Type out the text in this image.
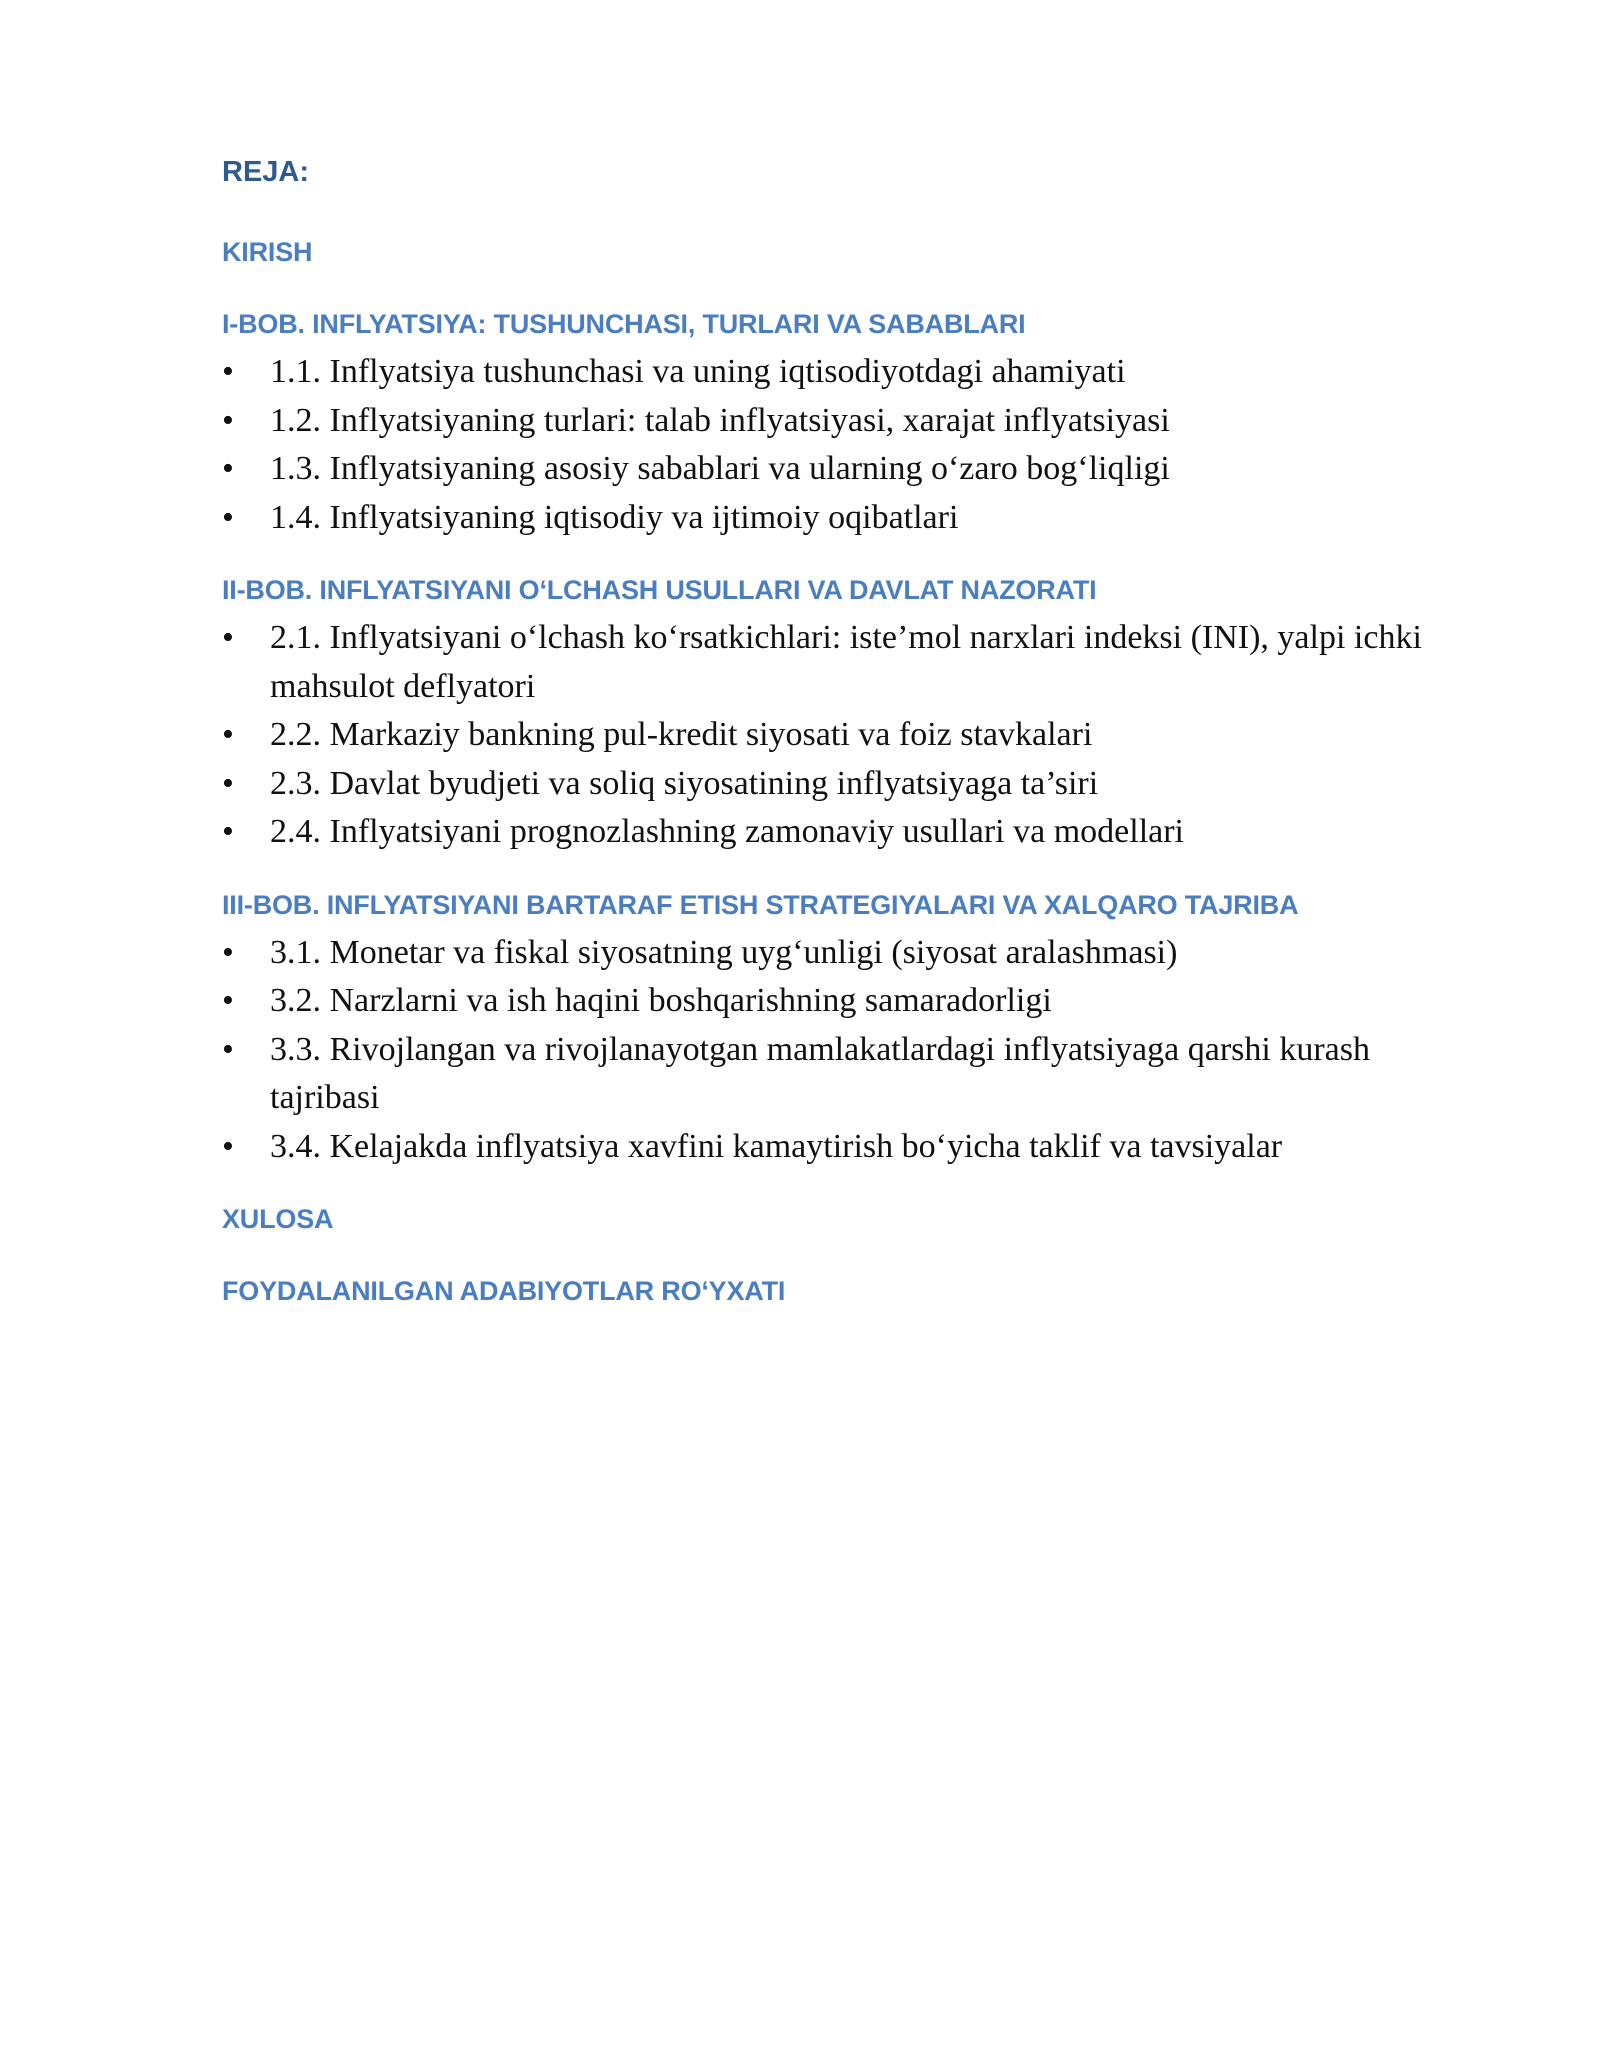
REJA:
KIRISH
I-BOB. INFLYATSIYA: TUSHUNCHASI, TURLARI VA SABABLARI
•	1.1. Inflyatsiya tushunchasi va uning iqtisodiyotdagi ahamiyati
•	1.2. Inflyatsiyaning turlari: talab inflyatsiyasi, xarajat inflyatsiyasi
•	1.3. Inflyatsiyaning asosiy sabablari va ularning o‘zaro bog‘liqligi
•	1.4. Inflyatsiyaning iqtisodiy va ijtimoiy oqibatlari
II-BOB. INFLYATSIYANI O‘LCHASH USULLARI VA DAVLAT NAZORATI
•	2.1. Inflyatsiyani o‘lchash ko‘rsatkichlari: iste’mol narxlari indeksi (INI), yalpi ichki mahsulot deflyatori
•	2.2. Markaziy bankning pul-kredit siyosati va foiz stavkalari
•	2.3. Davlat byudjeti va soliq siyosatining inflyatsiyaga ta’siri
•	2.4. Inflyatsiyani prognozlashning zamonaviy usullari va modellari
III-BOB. INFLYATSIYANI BARTARAF ETISH STRATEGIYALARI VA XALQARO TAJRIBA
•	3.1. Monetar va fiskal siyosatning uyg‘unligi (siyosat aralashmasi)
•	3.2. Narzlarni va ish haqini boshqarishning samaradorligi
•	3.3. Rivojlangan va rivojlanayotgan mamlakatlardagi inflyatsiyaga qarshi kurash tajribasi
•	3.4. Kelajakda inflyatsiya xavfini kamaytirish bo‘yicha taklif va tavsiyalar
XULOSA
FOYDALANILGAN ADABIYOTLAR RO‘YXATI
